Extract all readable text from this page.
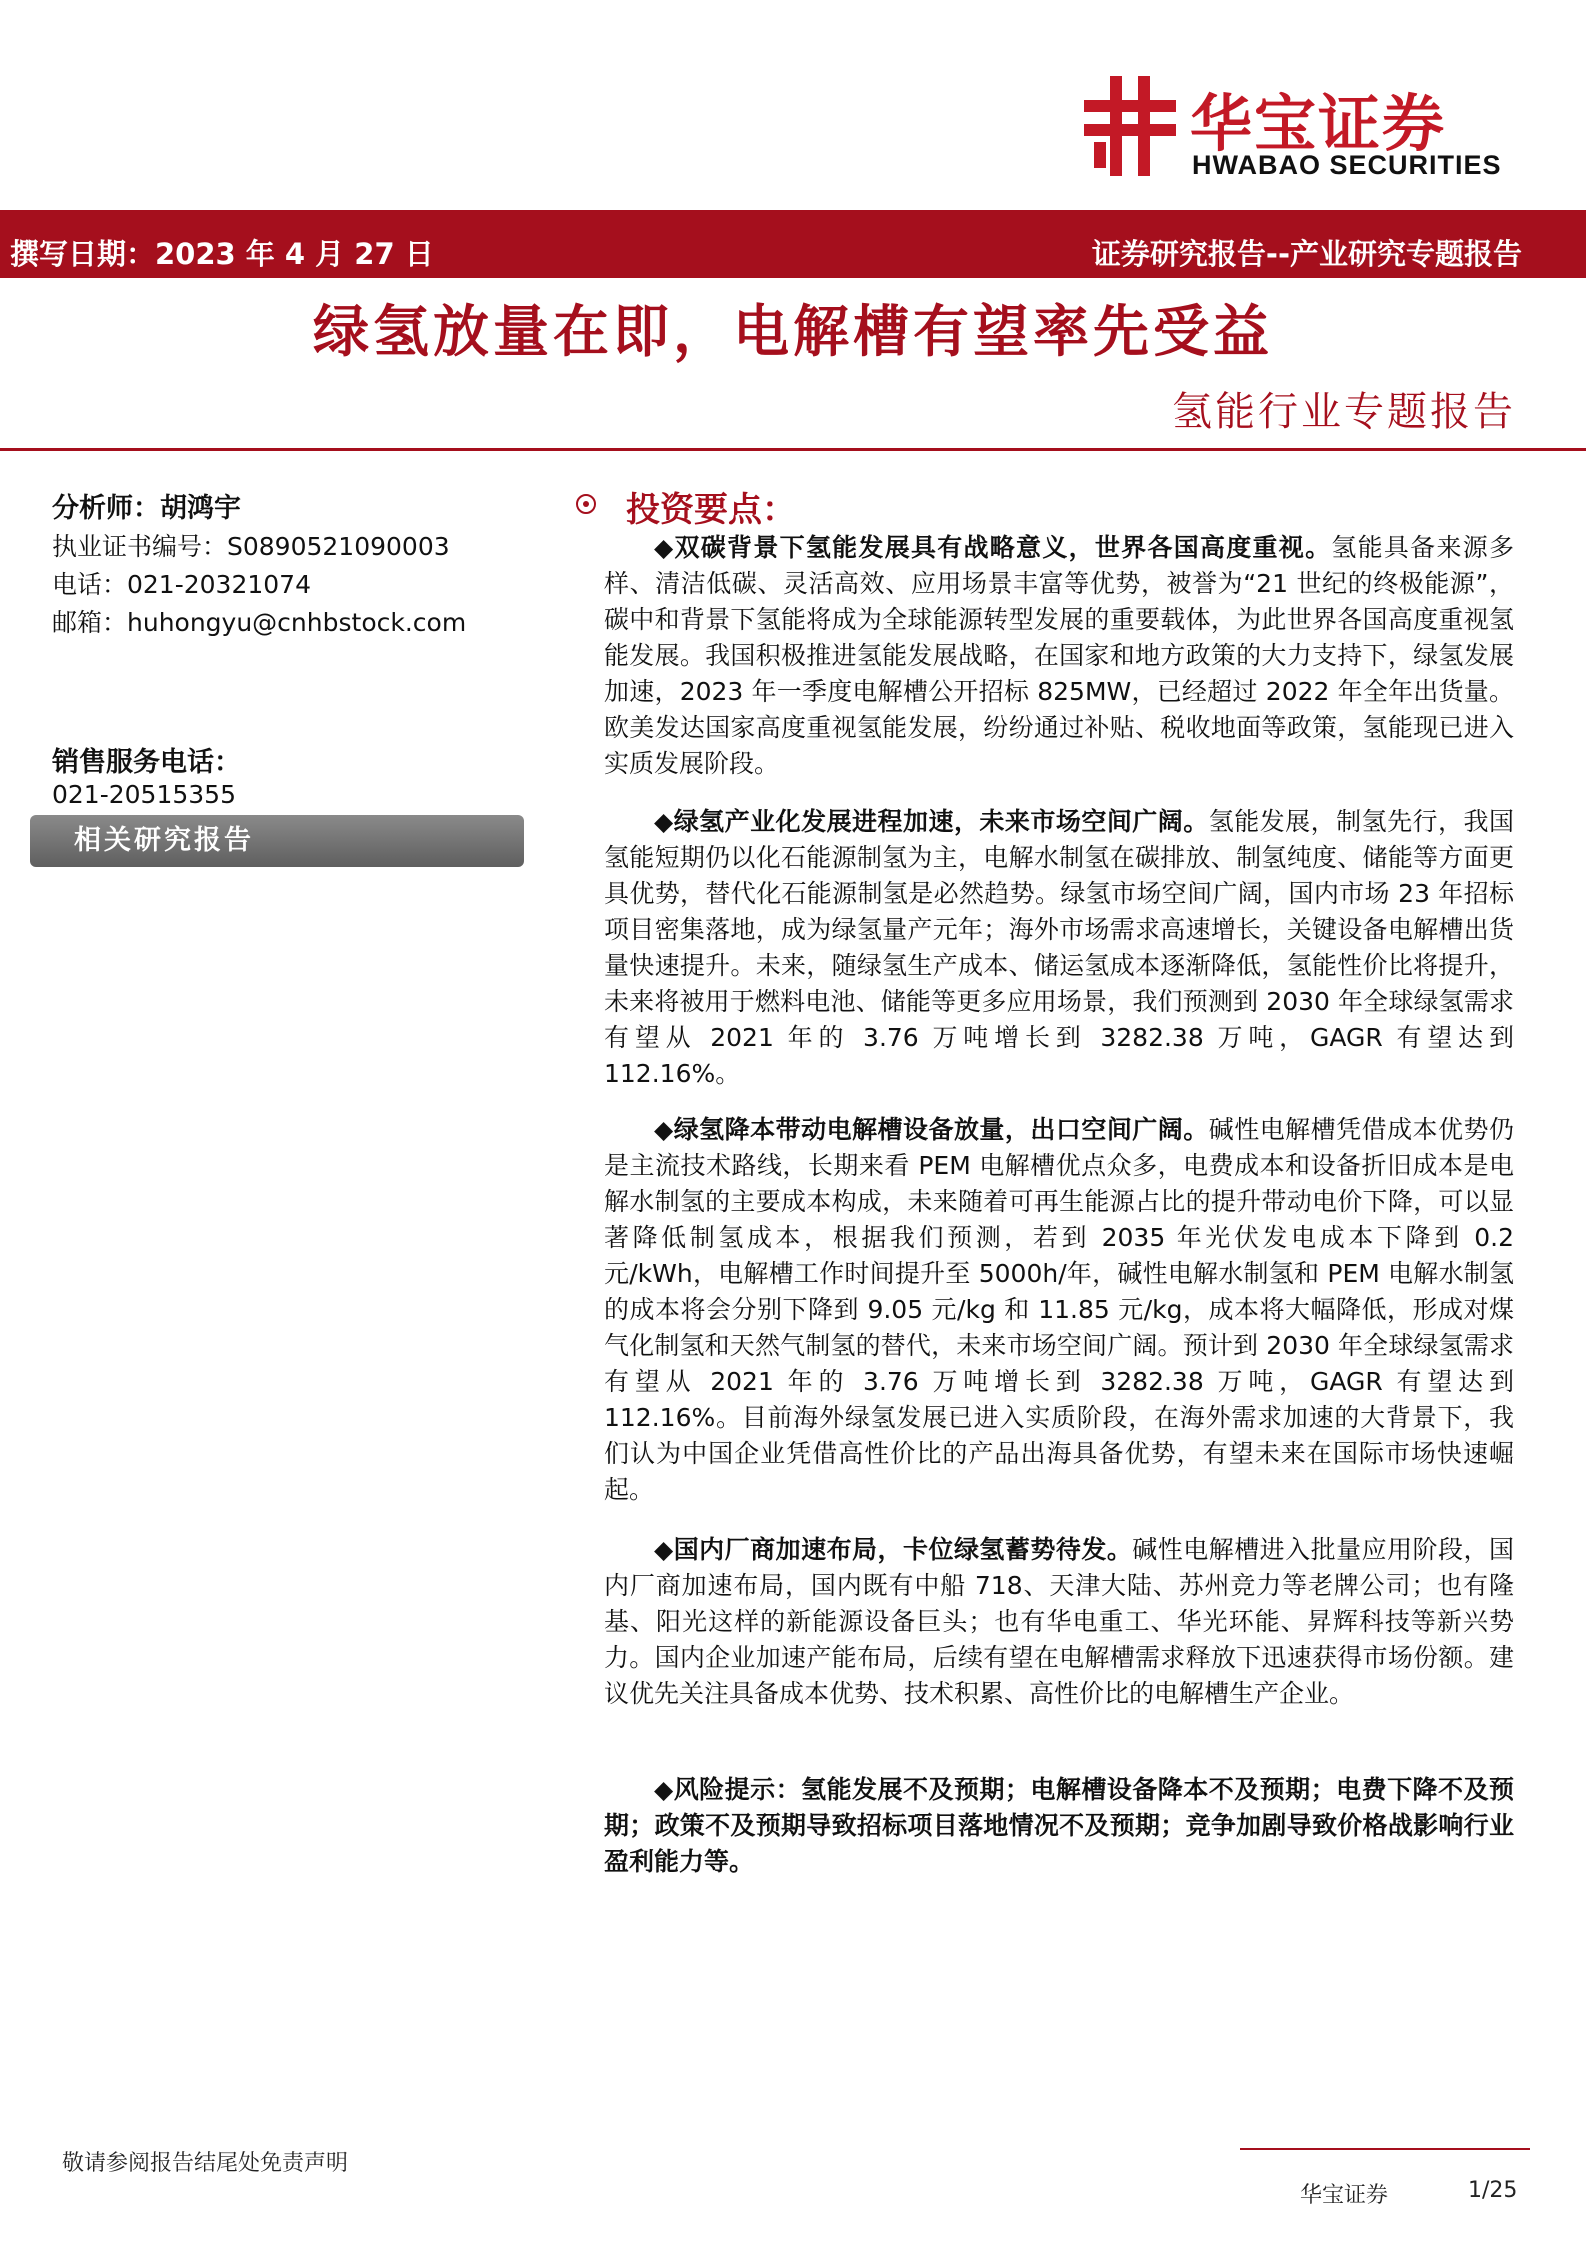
华宝证券
HWABAO SECURITIES
撰写日期：2023 年 4 月 27 日	证券研究报告--产业研究专题报告
绿氢放量在即，电解槽有望率先受益
氢能行业专题报告
分析师：胡鸿宇
执业证书编号：S0890521090003
电话：021-20321074
邮箱：huhongyu@cnhbstock.com
销售服务电话：
021-20515355
相关研究报告
投资要点：
◆双碳背景下氢能发展具有战略意义，世界各国高度重视。氢能具备来源多样、清洁低碳、灵活高效、应用场景丰富等优势，被誉为“21 世纪的终极能源”，碳中和背景下氢能将成为全球能源转型发展的重要载体，为此世界各国高度重视氢能发展。我国积极推进氢能发展战略，在国家和地方政策的大力支持下，绿氢发展加速，2023 年一季度电解槽公开招标 825MW，已经超过 2022 年全年出货量。欧美发达国家高度重视氢能发展，纷纷通过补贴、税收地面等政策，氢能现已进入实质发展阶段。
◆绿氢产业化发展进程加速，未来市场空间广阔。氢能发展，制氢先行，我国氢能短期仍以化石能源制氢为主，电解水制氢在碳排放、制氢纯度、储能等方面更具优势，替代化石能源制氢是必然趋势。绿氢市场空间广阔，国内市场 23 年招标项目密集落地，成为绿氢量产元年；海外市场需求高速增长，关键设备电解槽出货量快速提升。未来，随绿氢生产成本、储运氢成本逐渐降低，氢能性价比将提升，未来将被用于燃料电池、储能等更多应用场景，我们预测到 2030 年全球绿氢需求有望从 2021 年的 3.76 万吨增长到 3282.38 万吨，GAGR 有望达到 112.16%。
◆绿氢降本带动电解槽设备放量，出口空间广阔。碱性电解槽凭借成本优势仍是主流技术路线，长期来看 PEM 电解槽优点众多，电费成本和设备折旧成本是电解水制氢的主要成本构成，未来随着可再生能源占比的提升带动电价下降，可以显著降低制氢成本，根据我们预测，若到 2035 年光伏发电成本下降到 0.2 元/kWh，电解槽工作时间提升至 5000h/年，碱性电解水制氢和 PEM 电解水制氢的成本将会分别下降到 9.05 元/kg 和 11.85 元/kg，成本将大幅降低，形成对煤气化制氢和天然气制氢的替代，未来市场空间广阔。预计到 2030 年全球绿氢需求有望从 2021 年的 3.76 万吨增长到 3282.38 万吨，GAGR 有望达到 112.16%。目前海外绿氢发展已进入实质阶段，在海外需求加速的大背景下，我们认为中国企业凭借高性价比的产品出海具备优势，有望未来在国际市场快速崛起。
◆国内厂商加速布局，卡位绿氢蓄势待发。碱性电解槽进入批量应用阶段，国内厂商加速布局，国内既有中船 718、天津大陆、苏州竞力等老牌公司；也有隆基、阳光这样的新能源设备巨头；也有华电重工、华光环能、昇辉科技等新兴势力。国内企业加速产能布局，后续有望在电解槽需求释放下迅速获得市场份额。建议优先关注具备成本优势、技术积累、高性价比的电解槽生产企业。
◆风险提示：氢能发展不及预期；电解槽设备降本不及预期；电费下降不及预期；政策不及预期导致招标项目落地情况不及预期；竞争加剧导致价格战影响行业盈利能力等。
敬请参阅报告结尾处免责声明
华宝证券	1/25
